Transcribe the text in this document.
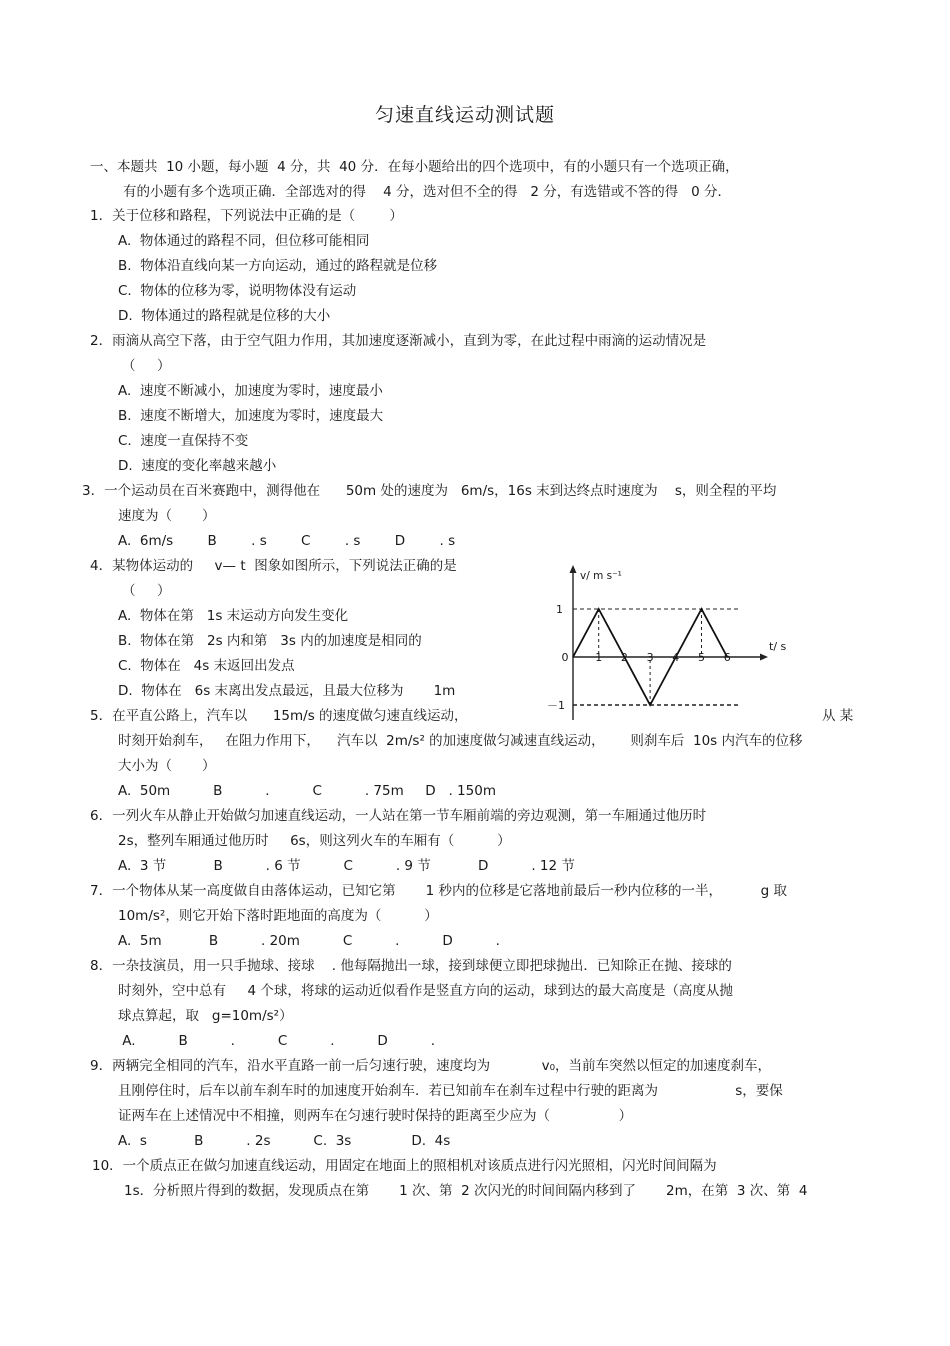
匀速直线运动测试题
一、本题共  10 小题，每小题  4 分，共  40 分．在每小题给出的四个选项中，有的小题只有一个选项正确，
有的小题有多个选项正确．全部选对的得    4 分，选对但不全的得   2 分，有选错或不答的得   0 分．
1．关于位移和路程，下列说法中正确的是（        ）
A.  物体通过的路程不同，但位移可能相同
B.  物体沿直线向某一方向运动，通过的路程就是位移
C.  物体的位移为零，说明物体没有运动
D.  物体通过的路程就是位移的大小
2．雨滴从高空下落，由于空气阻力作用，其加速度逐渐减小，直到为零，在此过程中雨滴的运动情况是
（     ）
A.  速度不断减小，加速度为零时，速度最小
B.  速度不断增大，加速度为零时，速度最大
C.  速度一直保持不变
D.  速度的变化率越来越小
3．一个运动员在百米赛跑中，测得他在      50m 处的速度为   6m/s，16s 末到达终点时速度为    s，则全程的平均
速度为（       ）
A.  6m/s        B        . s        C        . s        D        . s
4．某物体运动的     v— t  图象如图所示，下列说法正确的是
（     ）
A.  物体在第   1s 末运动方向发生变化
B.  物体在第   2s 内和第   3s 内的加速度是相同的
C.  物体在   4s 末返回出发点
D.  物体在   6s 末离出发点最远，且最大位移为       1m
0 1 2 3 4 5 6
1
－1
v/ m s⁻¹
t/ s
5．在平直公路上，汽车以      15m/s 的速度做匀速直线运动，	从 某
时刻开始刹车，   在阻力作用下，    汽车以  2m/s² 的加速度做匀减速直线运动，      则刹车后  10s 内汽车的位移
大小为（       ）
A.  50m          B          .          C          . 75m     D   . 150m
6．一列火车从静止开始做匀加速直线运动，一人站在第一节车厢前端的旁边观测，第一车厢通过他历时
2s，整列车厢通过他历时     6s，则这列火车的车厢有（          ）
A.  3 节           B          . 6 节          C          . 9 节           D          . 12 节
7．一个物体从某一高度做自由落体运动，已知它第       1 秒内的位移是它落地前最后一秒内位移的一半，         g 取
10m/s²，则它开始下落时距地面的高度为（          ）
A.  5m           B          . 20m          C          .          D          .
8．一杂技演员，用一只手抛球、接球    . 他每隔抛出一球，接到球便立即把球抛出．已知除正在抛、接球的
时刻外，空中总有     4 个球，将球的运动近似看作是竖直方向的运动，球到达的最大高度是（高度从抛
球点算起，取   g=10m/s²）
A.          B          .          C          .          D          .
9．两辆完全相同的汽车，沿水平直路一前一后匀速行驶，速度均为            v₀，当前车突然以恒定的加速度刹车，
且刚停住时，后车以前车刹车时的加速度开始刹车．若已知前车在刹车过程中行驶的距离为                  s，要保
证两车在上述情况中不相撞，则两车在匀速行驶时保持的距离至少应为（                ）
A.  s           B          . 2s          C.  3s              D.  4s
10．一个质点正在做匀加速直线运动，用固定在地面上的照相机对该质点进行闪光照相，闪光时间间隔为
1s．分析照片得到的数据，发现质点在第       1 次、第  2 次闪光的时间间隔内移到了       2m，在第  3 次、第  4
